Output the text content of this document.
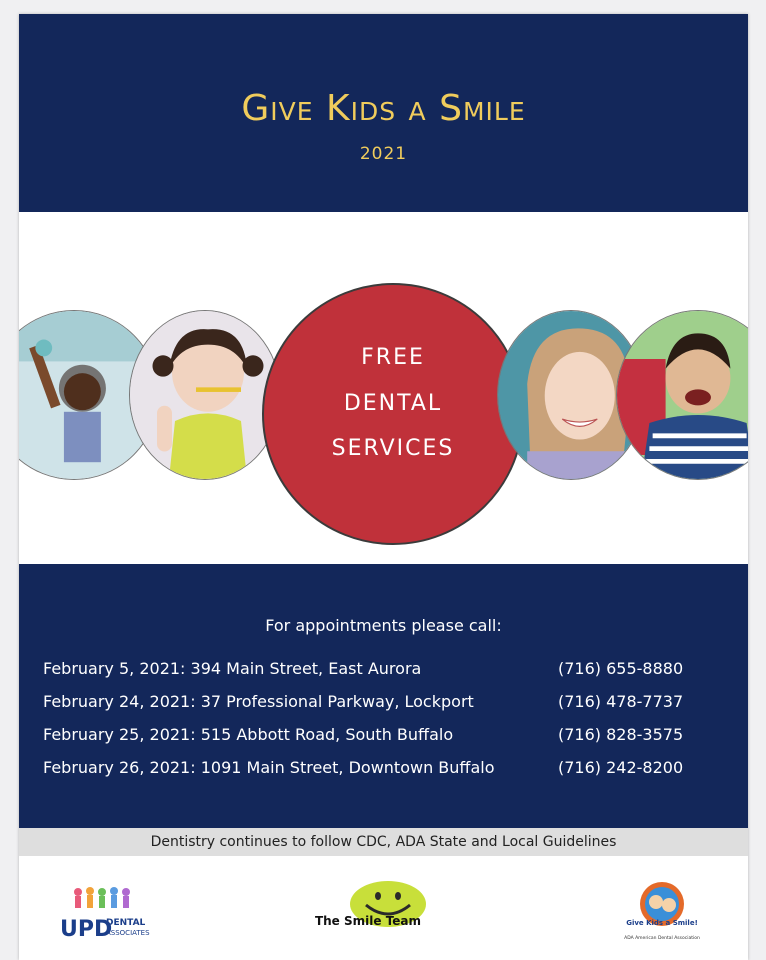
Give Kids a Smile
2021
FREE
DENTAL
SERVICES
For appointments please call:
February 5, 2021: 394 Main Street, East Aurora	(716) 655-8880
February 24, 2021: 37 Professional Parkway, Lockport	(716) 478-7737
February 25, 2021: 515 Abbott Road, South Buffalo	(716) 828-3575
February 26, 2021: 1091 Main Street, Downtown Buffalo	(716) 242-8200
Dentistry continues to follow CDC, ADA State and Local Guidelines
UPD
DENTAL
ASSOCIATES
The Smile Team	Give Kids a Smile!
ADA American Dental Association
